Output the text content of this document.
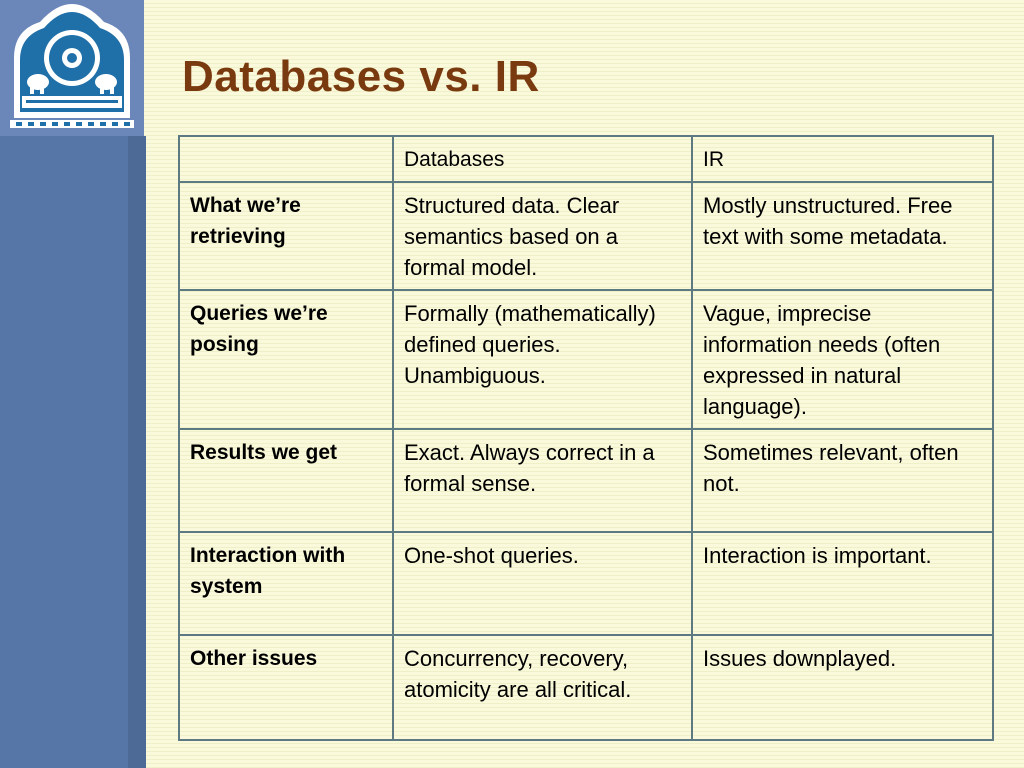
Databases vs. IR
	Databases	IR
What we’re retrieving	Structured data. Clear semantics based on a formal model.	Mostly unstructured. Free text with some metadata.
Queries we’re posing	Formally (mathematically) defined queries. Unambiguous.	Vague, imprecise information needs (often expressed in natural language).
Results we get	Exact. Always correct in a formal sense.	Sometimes relevant, often not.
Interaction with system	One-shot queries.	Interaction is important.
Other issues	Concurrency, recovery, atomicity are all critical.	Issues downplayed.
